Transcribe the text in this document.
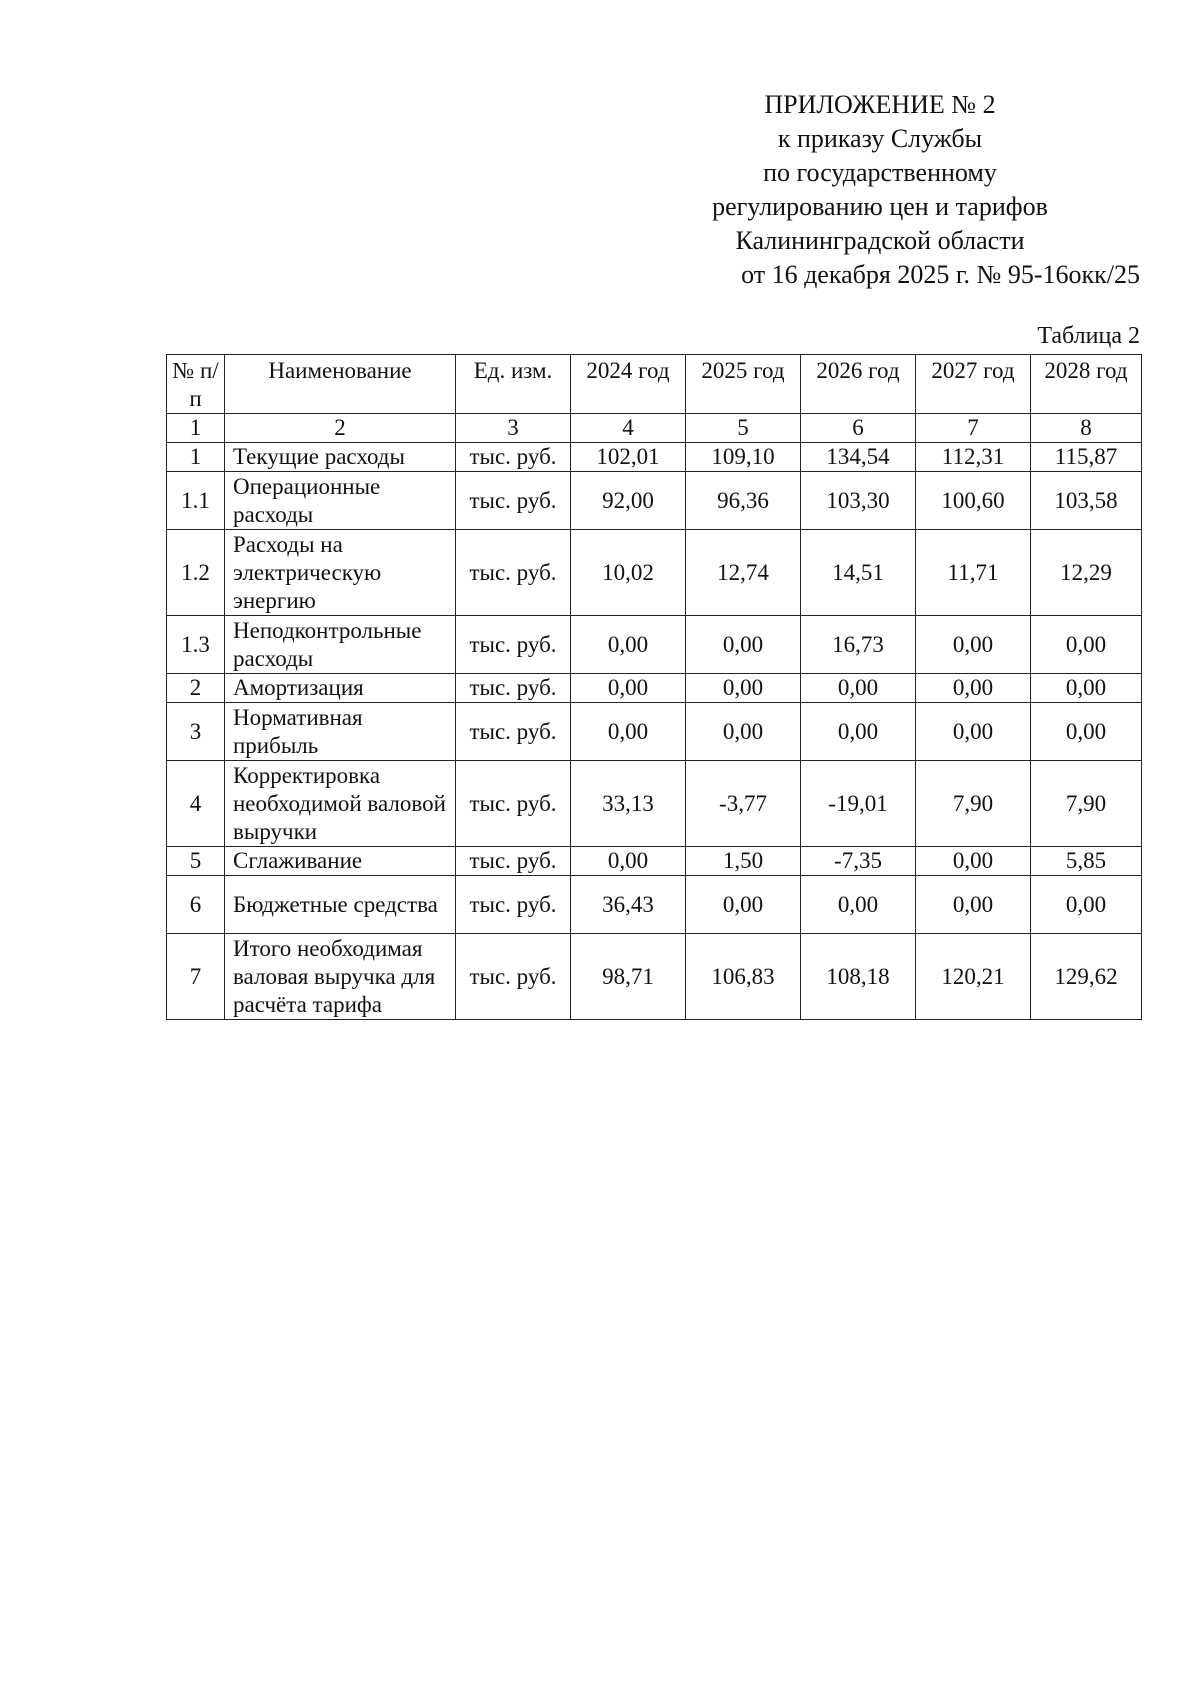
ПРИЛОЖЕНИЕ № 2
к приказу Службы
по государственному
регулированию цен и тарифов
Калининградской области
от 16 декабря 2025 г. № 95-16окк/25
Таблица 2
№ п/п	Наименование	Ед. изм.	2024 год	2025 год	2026 год	2027 год	2028 год
1	2	3	4	5	6	7	8
1	Текущие расходы	тыс. руб.	102,01	109,10	134,54	112,31	115,87
1.1	Операционные расходы	тыс. руб.	92,00	96,36	103,30	100,60	103,58
1.2	Расходы на электрическую энергию	тыс. руб.	10,02	12,74	14,51	11,71	12,29
1.3	Неподконтрольные расходы	тыс. руб.	0,00	0,00	16,73	0,00	0,00
2	Амортизация	тыс. руб.	0,00	0,00	0,00	0,00	0,00
3	Нормативная прибыль	тыс. руб.	0,00	0,00	0,00	0,00	0,00
4	Корректировка необходимой валовой выручки	тыс. руб.	33,13	-3,77	-19,01	7,90	7,90
5	Сглаживание	тыс. руб.	0,00	1,50	-7,35	0,00	5,85
6	Бюджетные средства	тыс. руб.	36,43	0,00	0,00	0,00	0,00
7	Итого необходимая валовая выручка для расчёта тарифа	тыс. руб.	98,71	106,83	108,18	120,21	129,62
